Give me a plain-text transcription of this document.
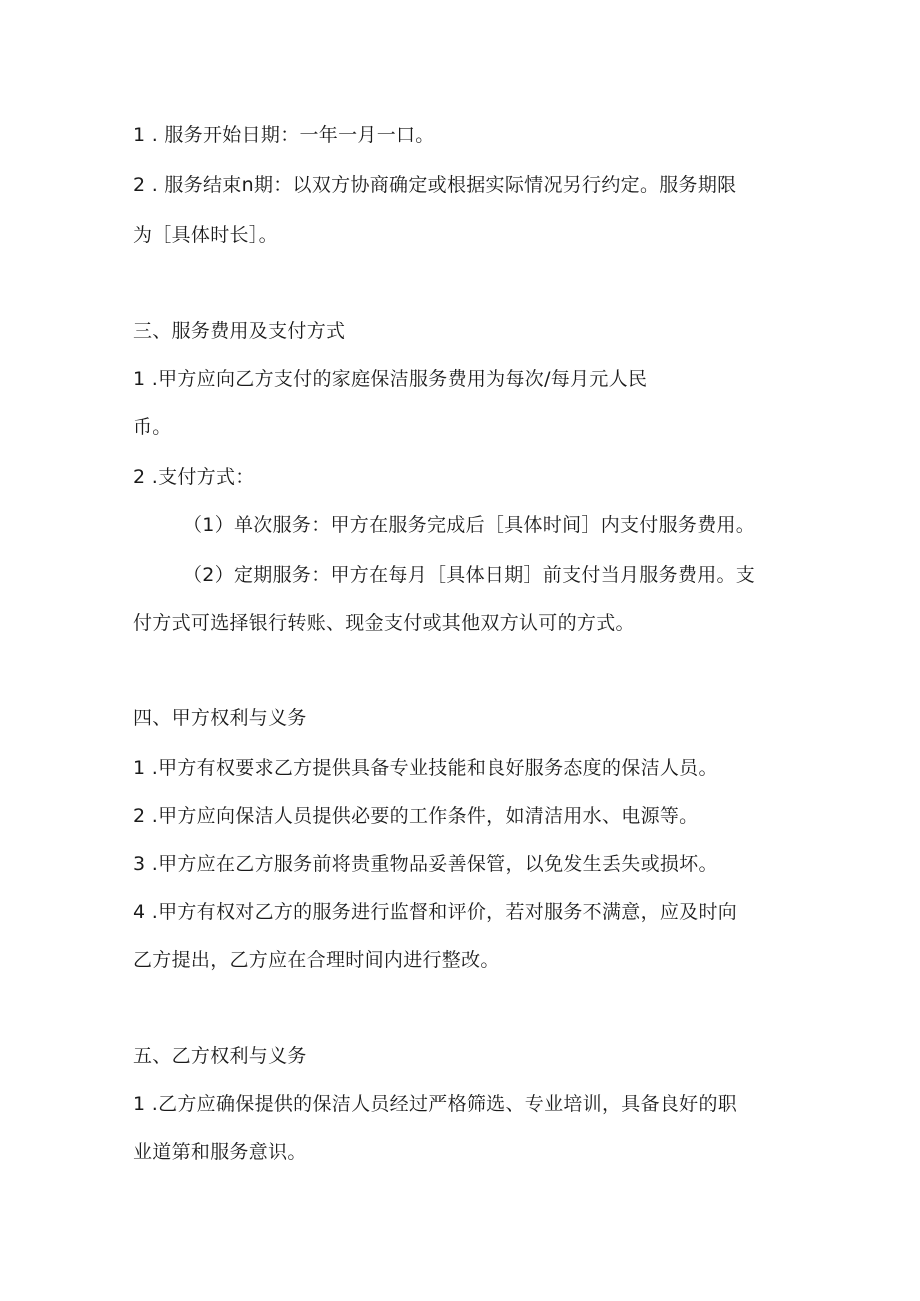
1 . 服务开始日期：一年一月一口。
2 . 服务结束n期：以双方协商确定或根据实际情况另行约定。服务期限
为［具体时长］。
三、服务费用及支付方式
1 .甲方应向乙方支付的家庭保洁服务费用为每次/每月元人民
币。
2 .支付方式：
（1）单次服务：甲方在服务完成后［具体时间］内支付服务费用。
（2）定期服务：甲方在每月［具体日期］前支付当月服务费用。支
付方式可选择银行转账、现金支付或其他双方认可的方式。
四、甲方权利与义务
1 .甲方有权要求乙方提供具备专业技能和良好服务态度的保洁人员。
2 .甲方应向保洁人员提供必要的工作条件，如清洁用水、电源等。
3 .甲方应在乙方服务前将贵重物品妥善保管，以免发生丢失或损坏。
4 .甲方有权对乙方的服务进行监督和评价，若对服务不满意，应及时向
乙方提出，乙方应在合理时间内进行整改。
五、乙方权利与义务
1 .乙方应确保提供的保洁人员经过严格筛选、专业培训，具备良好的职
业道第和服务意识。
